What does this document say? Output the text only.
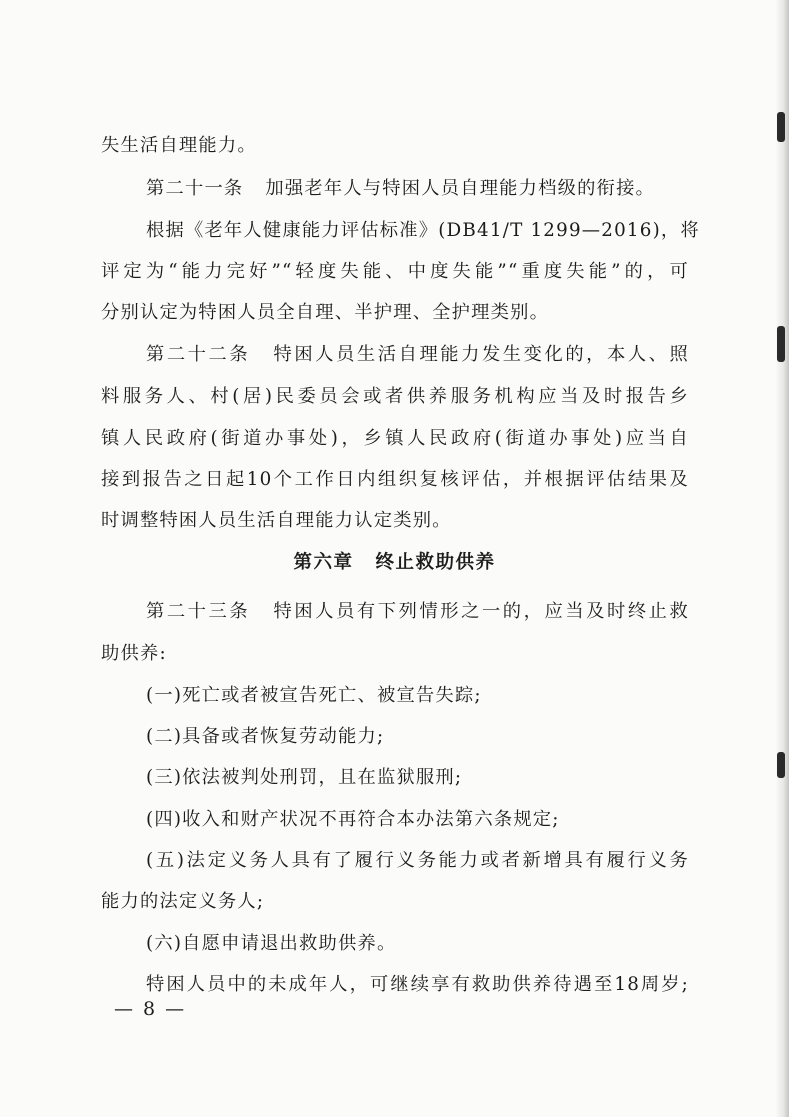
失生活自理能力。
第二十一条 加强老年人与特困人员自理能力档级的衔接。
根据《老年人健康能力评估标准》(DB41/T 1299—2016)，将
评定为“能力完好”“轻度失能、中度失能”“重度失能”的，可
分别认定为特困人员全自理、半护理、全护理类别。
第二十二条 特困人员生活自理能力发生变化的，本人、照
料服务人、村(居)民委员会或者供养服务机构应当及时报告乡
镇人民政府(街道办事处)，乡镇人民政府(街道办事处)应当自
接到报告之日起10个工作日内组织复核评估，并根据评估结果及
时调整特困人员生活自理能力认定类别。
第六章 终止救助供养
第二十三条 特困人员有下列情形之一的，应当及时终止救
助供养:
(一)死亡或者被宣告死亡、被宣告失踪;
(二)具备或者恢复劳动能力;
(三)依法被判处刑罚，且在监狱服刑;
(四)收入和财产状况不再符合本办法第六条规定;
(五)法定义务人具有了履行义务能力或者新增具有履行义务
能力的法定义务人;
(六)自愿申请退出救助供养。
特困人员中的未成年人，可继续享有救助供养待遇至18周岁;
— 8 —
